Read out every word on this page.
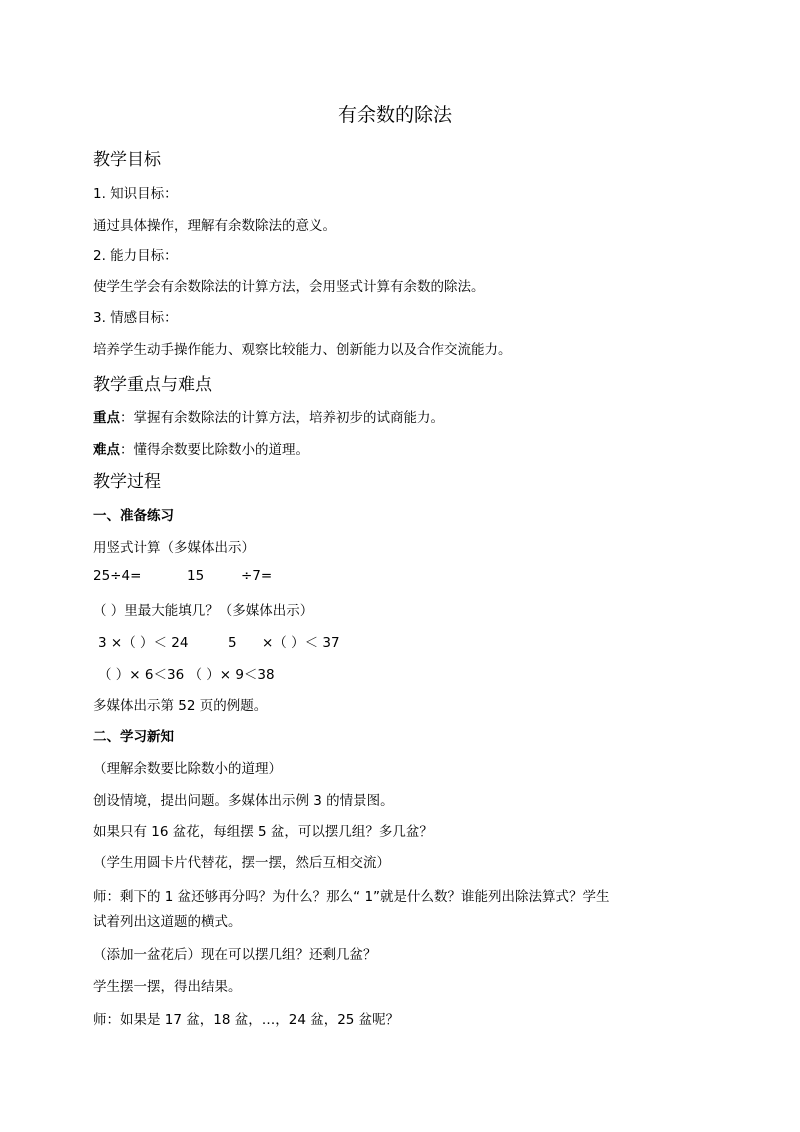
有余数的除法
教学目标
1. 知识目标：
通过具体操作，理解有余数除法的意义。
2. 能力目标：
使学生学会有余数除法的计算方法，会用竖式计算有余数的除法。
3. 情感目标：
培养学生动手操作能力、观察比较能力、创新能力以及合作交流能力。
教学重点与难点
重点：掌握有余数除法的计算方法，培养初步的试商能力。
难点：懂得余数要比除数小的道理。
教学过程
一、准备练习
用竖式计算（多媒体出示）
25÷4=	15	÷7=
（ ）里最大能填几？（多媒体出示）
3 ×（ ）＜ 24	5 ×（ ）＜ 37
（ ）× 6＜36 （ ）× 9＜38
多媒体出示第 52 页的例题。
二、学习新知
（理解余数要比除数小的道理）
创设情境，提出问题。多媒体出示例 3 的情景图。
如果只有 16 盆花，每组摆 5 盆，可以摆几组？多几盆？
（学生用圆卡片代替花，摆一摆，然后互相交流）
师：剩下的 1 盆还够再分吗？为什么？那么“ 1”就是什么数？谁能列出除法算式？学生
试着列出这道题的横式。
（添加一盆花后）现在可以摆几组？还剩几盆？
学生摆一摆，得出结果。
师：如果是 17 盆，18 盆，…，24 盆，25 盆呢？
